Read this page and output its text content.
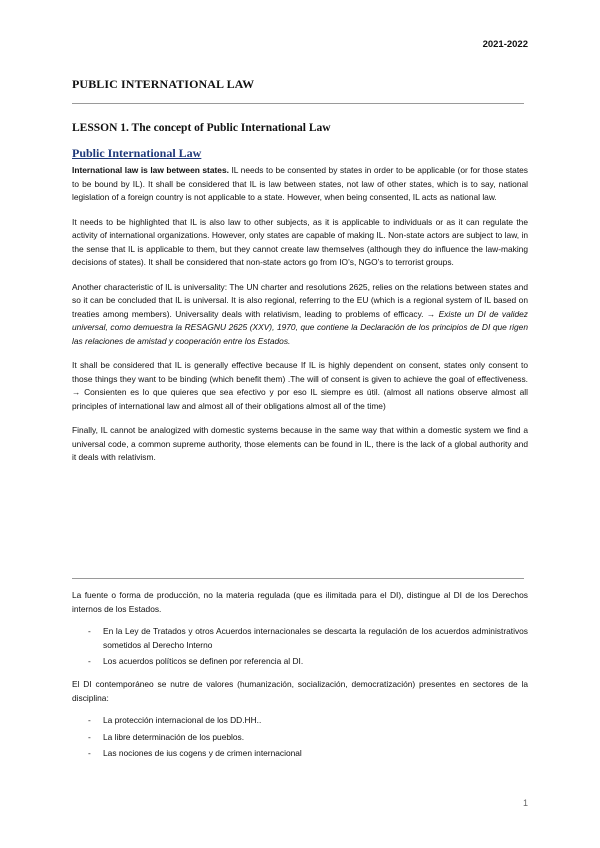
2021-2022
PUBLIC INTERNATIONAL LAW
LESSON 1. The concept of Public International Law
Public International Law

International law is law between states. IL needs to be consented by states in order to be applicable (or for those states to be bound by IL). It shall be considered that IL is law between states, not law of other states, which is to say, national legislation of a foreign country is not applicable to a state. However, when being consented, IL acts as national law.

It needs to be highlighted that IL is also law to other subjects, as it is applicable to individuals or as it can regulate the activity of international organizations. However, only states are capable of making IL. Non-state actors are subject to law, in the sense that IL is applicable to them, but they cannot create law themselves (although they do influence the law-making decisions of states). It shall be considered that non-state actors go from IO’s, NGO’s to terrorist groups.

Another characteristic of IL is universality: The UN charter and resolutions 2625, relies on the relations between states and so it can be concluded that IL is universal. It is also regional, referring to the EU (which is a regional system of IL based on treaties among members). Universality deals with relativism, leading to problems of efficacy. → Existe un DI de validez universal, como demuestra la RESAGNU 2625 (XXV), 1970, que contiene la Declaración de los principios de DI que rigen las relaciones de amistad y cooperación entre los Estados.

It shall be considered that IL is generally effective because If IL is highly dependent on consent, states only consent to those things they want to be binding (which benefit them) .The will of consent is given to achieve the goal of effectiveness. → Consienten es lo que quieres que sea efectivo y por eso IL siempre es útil. (almost all nations observe almost all principles of international law and almost all of their obligations almost all of the time)

Finally, IL cannot be analogized with domestic systems because in the same way that within a domestic system we find a universal code, a common supreme authority, those elements can be found in IL, there is the lack of a global authority and it deals with relativism.

La fuente o forma de producción, no la materia regulada (que es ilimitada para el DI), distingue al DI de los Derechos internos de los Estados.

- En la Ley de Tratados y otros Acuerdos internacionales se descarta la regulación de los acuerdos administrativos sometidos al Derecho Interno
- Los acuerdos políticos se definen por referencia al DI.

El DI contemporáneo se nutre de valores (humanización, socialización, democratización) presentes en sectores de la disciplina:

- La protección internacional de los DD.HH..
- La libre determinación de los pueblos.
- Las nociones de ius cogens y de crimen internacional
1
